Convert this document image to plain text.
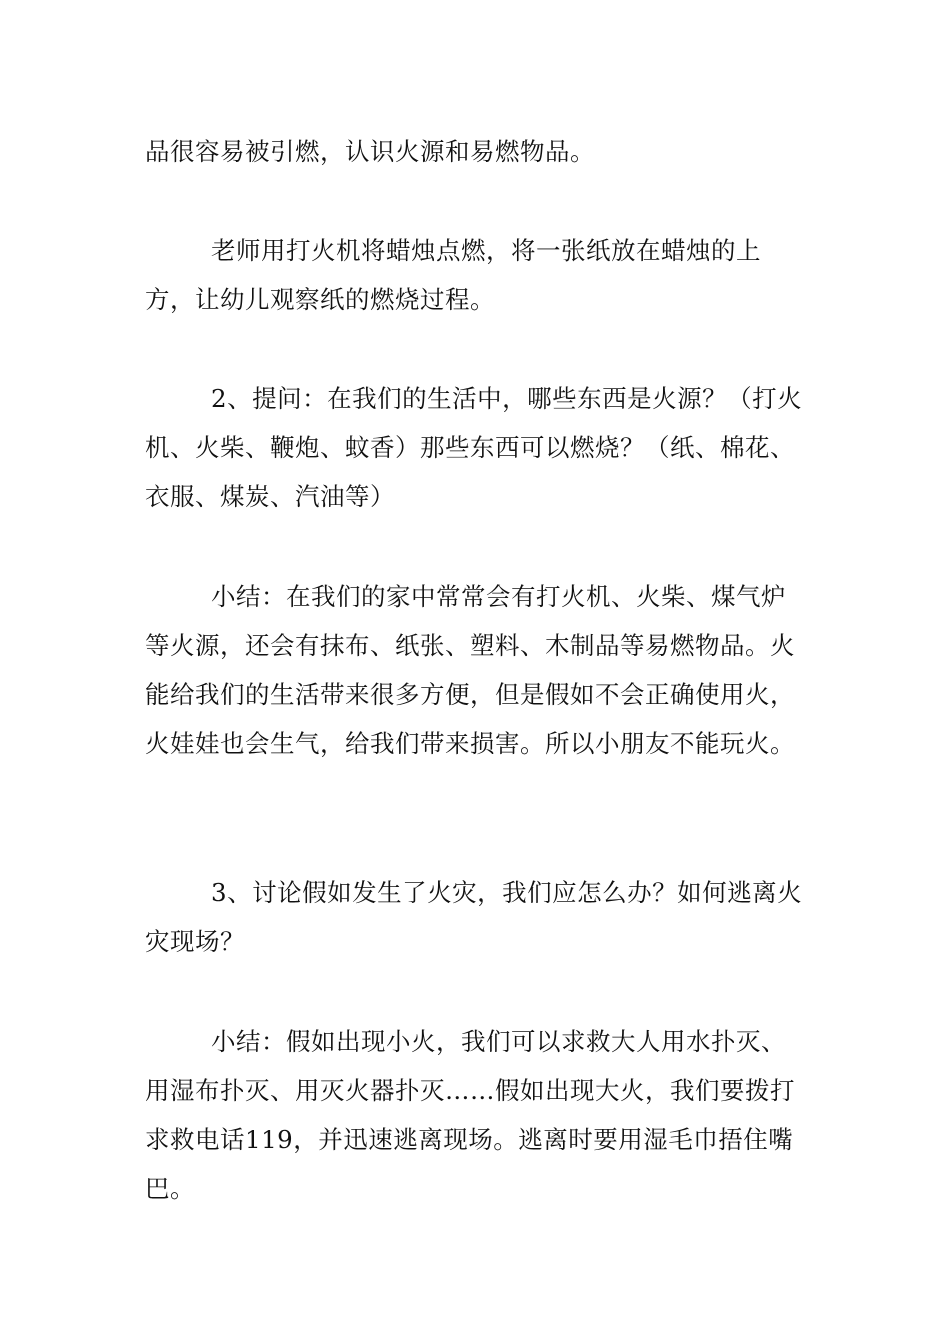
品很容易被引燃，认识火源和易燃物品。

老师用打火机将蜡烛点燃，将一张纸放在蜡烛的上方，让幼儿观察纸的燃烧过程。

2、提问：在我们的生活中，哪些东西是火源？（打火机、火柴、鞭炮、蚊香）那些东西可以燃烧？（纸、棉花、衣服、煤炭、汽油等）

小结：在我们的家中常常会有打火机、火柴、煤气炉等火源，还会有抹布、纸张、塑料、木制品等易燃物品。火能给我们的生活带来很多方便，但是假如不会正确使用火，火娃娃也会生气，给我们带来损害。所以小朋友不能玩火。

3、讨论假如发生了火灾，我们应怎么办？如何逃离火灾现场？

小结：假如出现小火，我们可以求救大人用水扑灭、用湿布扑灭、用灭火器扑灭……假如出现大火，我们要拨打求救电话119，并迅速逃离现场。逃离时要用湿毛巾捂住嘴巴。
